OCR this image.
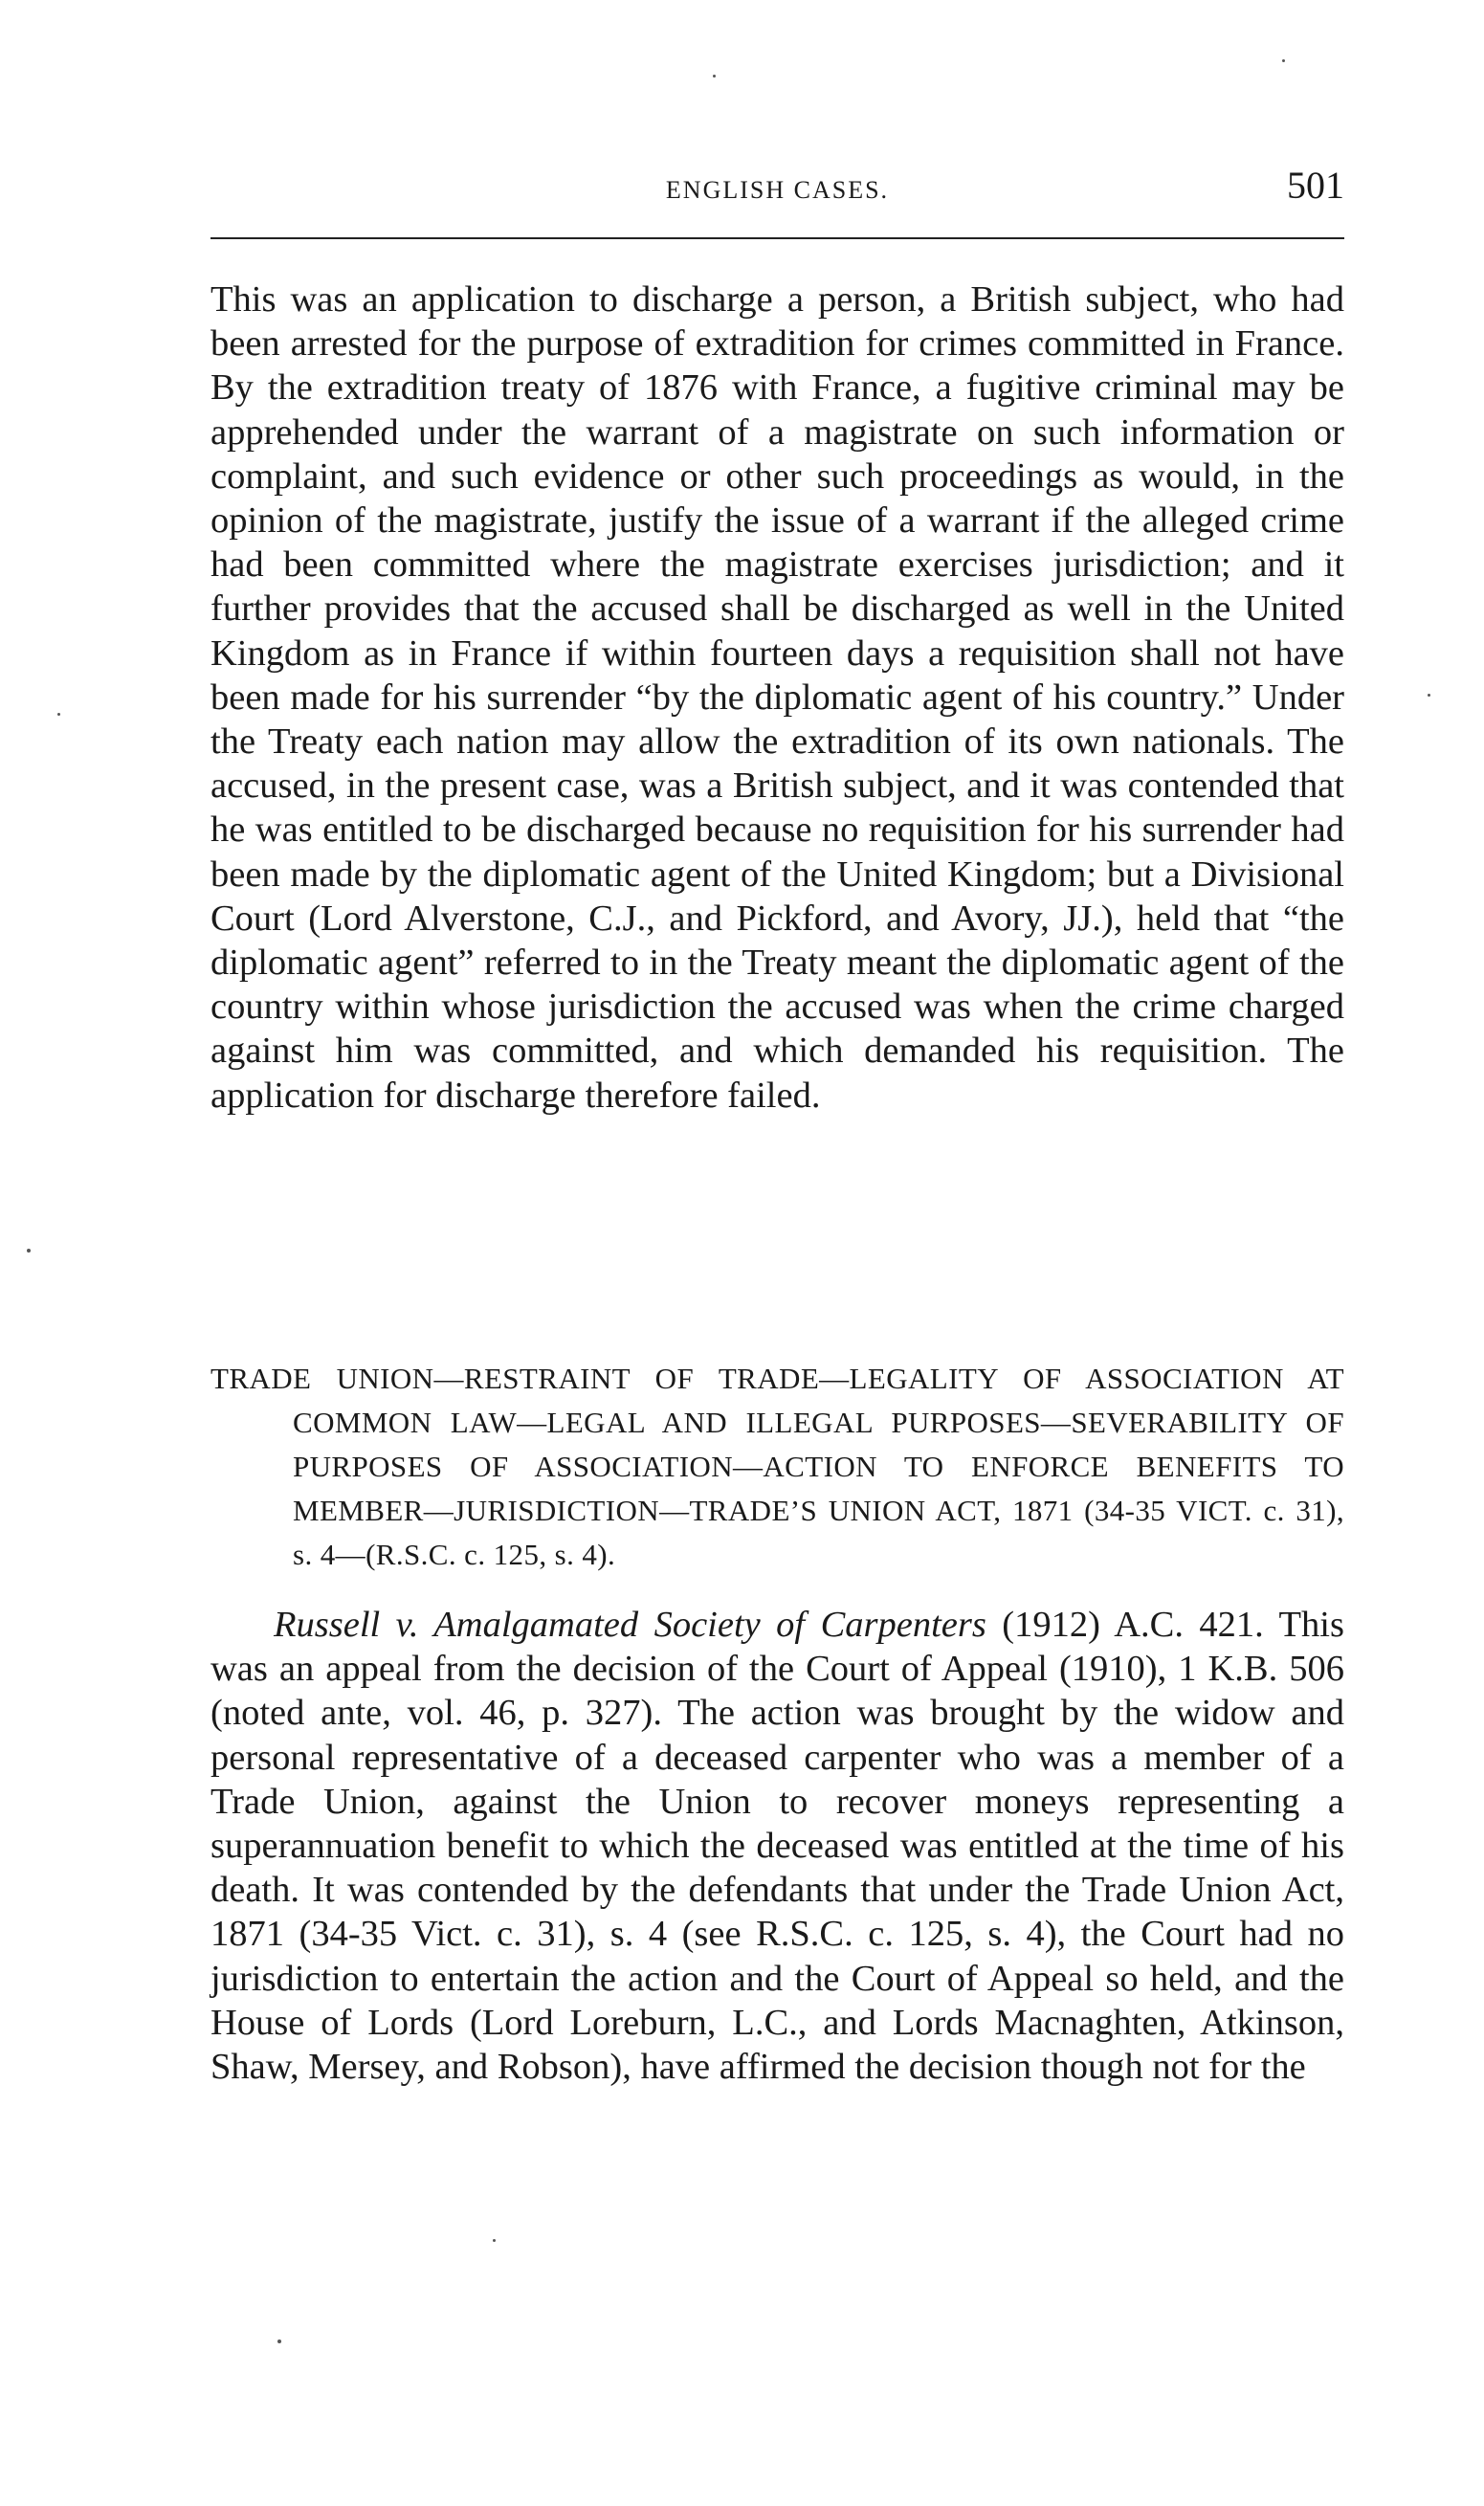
ENGLISH CASES.	501

This was an application to discharge a person, a British subject, who had been arrested for the purpose of extradition for crimes committed in France. By the extradition treaty of 1876 with France, a fugitive criminal may be apprehended under the warrant of a magistrate on such information or complaint, and such evidence or other such proceedings as would, in the opinion of the magistrate, justify the issue of a warrant if the alleged crime had been committed where the magistrate exercises jurisdiction; and it further provides that the accused shall be discharged as well in the United Kingdom as in France if within fourteen days a requisition shall not have been made for his surrender “by the diplomatic agent of his country.” Under the Treaty each nation may allow the extradition of its own nationals. The accused, in the present case, was a British subject, and it was contended that he was entitled to be discharged because no requisition for his surrender had been made by the diplomatic agent of the United Kingdom; but a Divisional Court (Lord Alverstone, C.J., and Pickford, and Avory, JJ.), held that “the diplomatic agent” referred to in the Treaty meant the diplomatic agent of the country within whose jurisdiction the accused was when the crime charged against him was committed, and which demanded his requisition. The application for discharge therefore failed.

TRADE UNION—RESTRAINT OF TRADE—LEGALITY OF ASSOCIATION AT COMMON LAW—LEGAL AND ILLEGAL PURPOSES—SEVERABILITY OF PURPOSES OF ASSOCIATION—ACTION TO ENFORCE BENEFITS TO MEMBER—JURISDICTION—TRADE’S UNION ACT, 1871 (34-35 VICT. c. 31), s. 4—(R.S.C. c. 125, s. 4).

Russell v. Amalgamated Society of Carpenters (1912) A.C. 421. This was an appeal from the decision of the Court of Appeal (1910), 1 K.B. 506 (noted ante, vol. 46, p. 327). The action was brought by the widow and personal representative of a deceased carpenter who was a member of a Trade Union, against the Union to recover moneys representing a superannuation benefit to which the deceased was entitled at the time of his death. It was contended by the defendants that under the Trade Union Act, 1871 (34-35 Vict. c. 31), s. 4 (see R.S.C. c. 125, s. 4), the Court had no jurisdiction to entertain the action and the Court of Appeal so held, and the House of Lords (Lord Loreburn, L.C., and Lords Macnaghten, Atkinson, Shaw, Mersey, and Robson), have affirmed the decision though not for the
